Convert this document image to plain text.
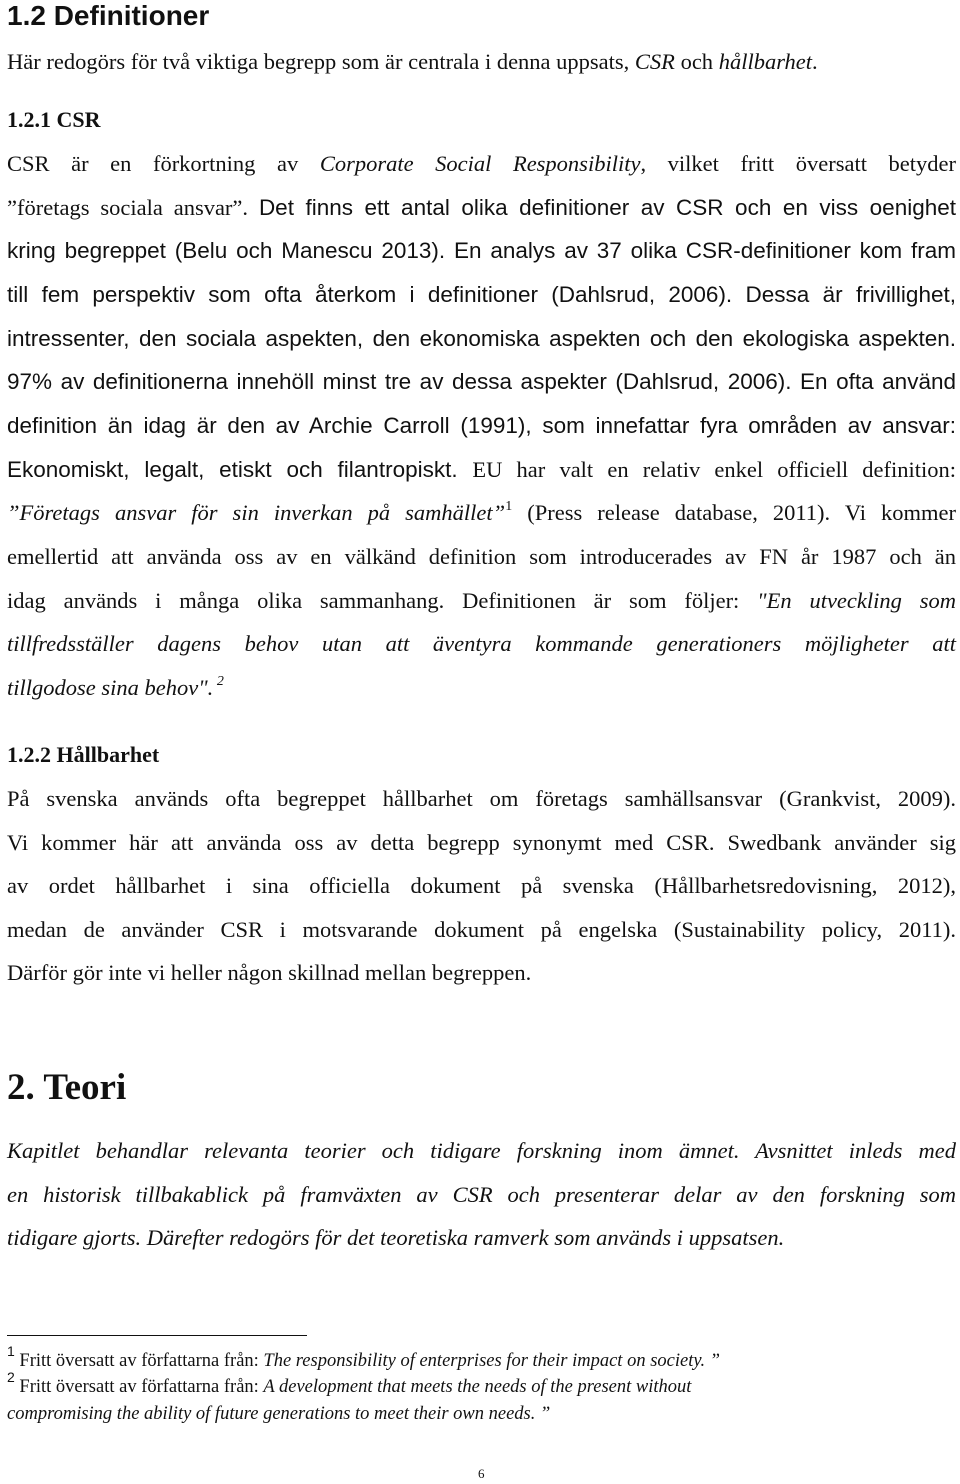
1.2 Definitioner
Här redogörs för två viktiga begrepp som är centrala i denna uppsats, CSR och hållbarhet.
1.2.1 CSR
CSR är en förkortning av Corporate Social Responsibility, vilket fritt översatt betyder
”företags sociala ansvar”. Det finns ett antal olika definitioner av CSR och en viss oenighet
kring begreppet (Belu och Manescu 2013). En analys av 37 olika CSR-definitioner kom fram
till fem perspektiv som ofta återkom i definitioner (Dahlsrud, 2006). Dessa är frivillighet,
intressenter, den sociala aspekten, den ekonomiska aspekten och den ekologiska aspekten.
97% av definitionerna innehöll minst tre av dessa aspekter (Dahlsrud, 2006). En ofta använd
definition än idag är den av Archie Carroll (1991), som innefattar fyra områden av ansvar:
Ekonomiskt, legalt, etiskt och filantropiskt. EU har valt en relativ enkel officiell definition:
”Företags ansvar för sin inverkan på samhället”$^1$ (Press release database, 2011). Vi kommer
emellertid att använda oss av en välkänd definition som introducerades av FN år 1987 och än
idag används i många olika sammanhang. Definitionen är som följer: "En utveckling som
tillfredsställer dagens behov utan att äventyra kommande generationers möjligheter att
tillgodose sina behov". $^2$
1.2.2 Hållbarhet
På svenska används ofta begreppet hållbarhet om företags samhällsansvar (Grankvist, 2009).
Vi kommer här att använda oss av detta begrepp synonymt med CSR. Swedbank använder sig
av ordet hållbarhet i sina officiella dokument på svenska (Hållbarhetsredovisning, 2012),
medan de använder CSR i motsvarande dokument på engelska (Sustainability policy, 2011).
Därför gör inte vi heller någon skillnad mellan begreppen.
2. Teori
Kapitlet behandlar relevanta teorier och tidigare forskning inom ämnet. Avsnittet inleds med
en historisk tillbakablick på framväxten av CSR och presenterar delar av den forskning som
tidigare gjorts. Därefter redogörs för det teoretiska ramverk som används i uppsatsen.
$^1$ Fritt översatt av författarna från: The responsibility of enterprises for their impact on society. ”
$^2$ Fritt översatt av författarna från: A development that meets the needs of the present without
compromising the ability of future generations to meet their own needs. ”
6
